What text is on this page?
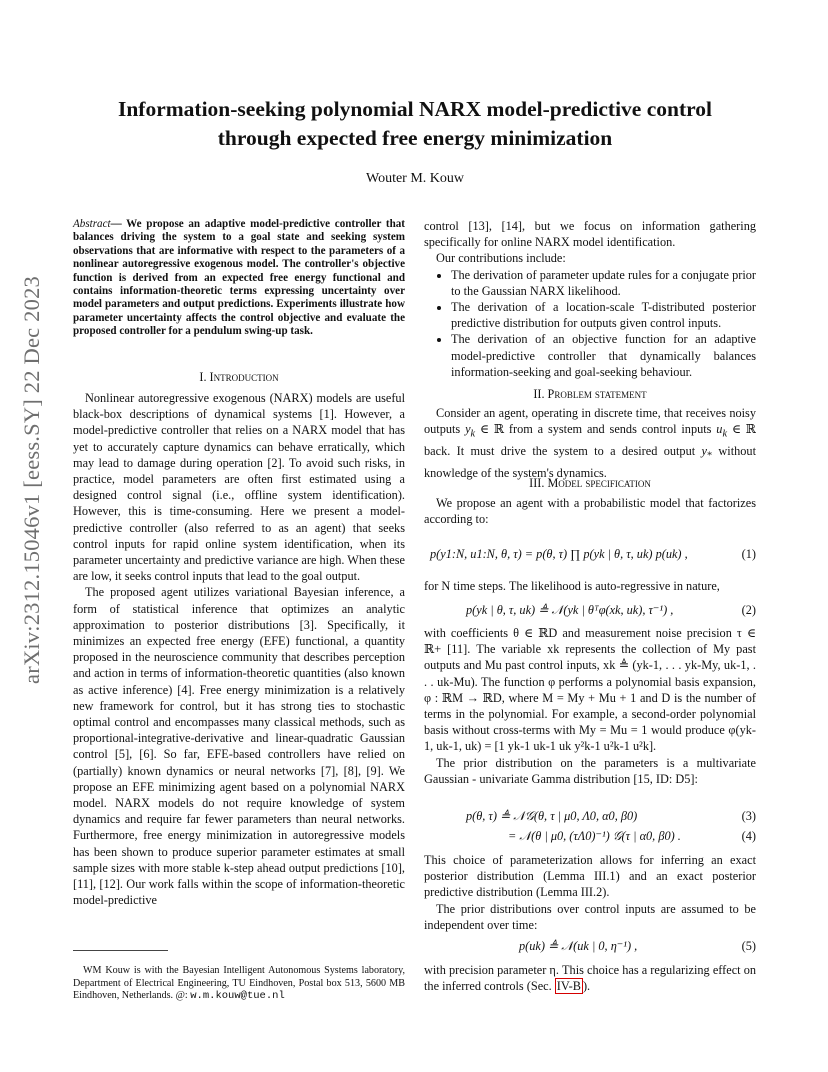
arXiv:2312.15046v1 [eess.SY] 22 Dec 2023
Information-seeking polynomial NARX model-predictive control
through expected free energy minimization
Wouter M. Kouw
Abstract— We propose an adaptive model-predictive controller that balances driving the system to a goal state and seeking system observations that are informative with respect to the parameters of a nonlinear autoregressive exogenous model. The controller's objective function is derived from an expected free energy functional and contains information-theoretic terms expressing uncertainty over model parameters and output predictions. Experiments illustrate how parameter uncertainty affects the control objective and evaluate the proposed controller for a pendulum swing-up task.
I. Introduction

Nonlinear autoregressive exogenous (NARX) models are useful black-box descriptions of dynamical systems [1]. However, a model-predictive controller that relies on a NARX model that has yet to accurately capture dynamics can behave erratically, which may lead to damage during operation [2]. To avoid such risks, in practice, model parameters are often first estimated using a designed control signal (i.e., offline system identification). However, this is time-consuming. Here we present a model-predictive controller (also referred to as an agent) that seeks control inputs for rapid online system identification, when its parameter uncertainty and predictive variance are high. When these are low, it seeks control inputs that lead to the goal output.

The proposed agent utilizes variational Bayesian inference, a form of statistical inference that optimizes an analytic approximation to posterior distributions [3]. Specifically, it minimizes an expected free energy (EFE) functional, a quantity proposed in the neuroscience community that describes perception and action in terms of information-theoretic quantities (also known as active inference) [4]. Free energy minimization is a relatively new framework for control, but it has strong ties to stochastic optimal control and encompasses many classical methods, such as proportional-integrative-derivative and linear-quadratic Gaussian control [5], [6]. So far, EFE-based controllers have relied on (partially) known dynamics or neural networks [7], [8], [9]. We propose an EFE minimizing agent based on a polynomial NARX model. NARX models do not require knowledge of system dynamics and require far fewer parameters than neural networks. Furthermore, free energy minimization in autoregressive models has been shown to produce superior parameter estimates at small sample sizes with more stable k-step ahead output predictions [10], [11], [12]. Our work falls within the scope of information-theoretic model-predictive

WM Kouw is with the Bayesian Intelligent Autonomous Systems laboratory, Department of Electrical Engineering, TU Eindhoven, Postal box 513, 5600 MB Eindhoven, Netherlands. @: w.m.kouw@tue.nl

control [13], [14], but we focus on information gathering specifically for online NARX model identification.

Our contributions include:

• The derivation of parameter update rules for a conjugate prior to the Gaussian NARX likelihood.
• The derivation of a location-scale T-distributed posterior predictive distribution for outputs given control inputs.
• The derivation of an objective function for an adaptive model-predictive controller that dynamically balances information-seeking and goal-seeking behaviour.
II. Problem statement

Consider an agent, operating in discrete time, that receives noisy outputs $y_k$ ∈ ℝ from a system and sends control inputs $u_k$ ∈ ℝ back. It must drive the system to a desired output $y_*$ without knowledge of the system's dynamics.

III. Model specification

We propose an agent with a probabilistic model that factorizes according to:

p(y1:N, u1:N, θ, τ) = p(θ, τ) ∏ p(yk | θ, τ, uk) p(uk) ,	(1)

for N time steps. The likelihood is auto-regressive in nature,

p(yk | θ, τ, uk) ≜ 𝒩(yk | θᵀφ(xk, uk), τ⁻¹) ,	(2)

with coefficients θ ∈ ℝD and measurement noise precision τ ∈ ℝ+ [11]. The variable xk represents the collection of My past outputs and Mu past control inputs, xk ≜ (yk-1, . . . yk-My, uk-1, . . . uk-Mu). The function φ performs a polynomial basis expansion, φ : ℝM → ℝD, where M = My + Mu + 1 and D is the number of terms in the polynomial. For example, a second-order polynomial basis without cross-terms with My = Mu = 1 would produce φ(yk-1, uk-1, uk) = [1 yk-1 uk-1 uk y²k-1 u²k-1 u²k].

The prior distribution on the parameters is a multivariate Gaussian - univariate Gamma distribution [15, ID: D5]:

p(θ, τ) ≜ 𝒩𝒢(θ, τ | μ0, Λ0, α0, β0)	(3)
= 𝒩(θ | μ0, (τΛ0)⁻¹) 𝒢(τ | α0, β0) .	(4)

This choice of parameterization allows for inferring an exact posterior distribution (Lemma III.1) and an exact posterior predictive distribution (Lemma III.2).

The prior distributions over control inputs are assumed to be independent over time:

p(uk) ≜ 𝒩(uk | 0, η⁻¹) ,	(5)

with precision parameter η. This choice has a regularizing effect on the inferred controls (Sec. IV-B ).
